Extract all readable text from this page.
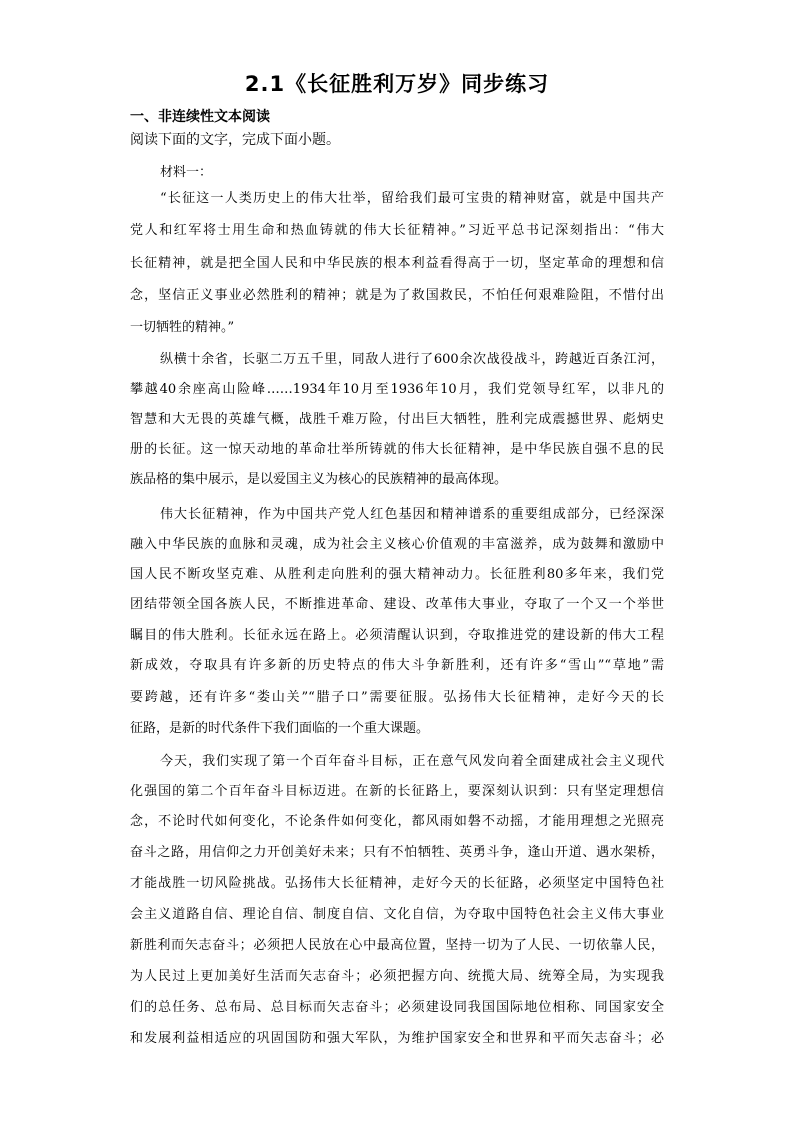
2.1《长征胜利万岁》同步练习
一、非连续性文本阅读
阅读下面的文字，完成下面小题。
材料一：
“长征这一人类历史上的伟大壮举，留给我们最可宝贵的精神财富，就是中国共产
党人和红军将士用生命和热血铸就的伟大长征精神。”习近平总书记深刻指出：“伟大
长征精神，就是把全国人民和中华民族的根本利益看得高于一切，坚定革命的理想和信
念，坚信正义事业必然胜利的精神；就是为了救国救民，不怕任何艰难险阻，不惜付出
一切牺牲的精神。”
纵横十余省，长驱二万五千里，同敌人进行了600余次战役战斗，跨越近百条江河，
攀越40余座高山险峰……1934年10月至1936年10月，我们党领导红军，以非凡的
智慧和大无畏的英雄气概，战胜千难万险，付出巨大牺牲，胜利完成震撼世界、彪炳史
册的长征。这一惊天动地的革命壮举所铸就的伟大长征精神，是中华民族自强不息的民
族品格的集中展示，是以爱国主义为核心的民族精神的最高体现。
伟大长征精神，作为中国共产党人红色基因和精神谱系的重要组成部分，已经深深
融入中华民族的血脉和灵魂，成为社会主义核心价值观的丰富滋养，成为鼓舞和激励中
国人民不断攻坚克难、从胜利走向胜利的强大精神动力。长征胜利80多年来，我们党
团结带领全国各族人民，不断推进革命、建设、改革伟大事业，夺取了一个又一个举世
瞩目的伟大胜利。长征永远在路上。必须清醒认识到，夺取推进党的建设新的伟大工程
新成效，夺取具有许多新的历史特点的伟大斗争新胜利，还有许多“雪山”“草地”需
要跨越，还有许多“娄山关”“腊子口”需要征服。弘扬伟大长征精神，走好今天的长
征路，是新的时代条件下我们面临的一个重大课题。
今天，我们实现了第一个百年奋斗目标，正在意气风发向着全面建成社会主义现代
化强国的第二个百年奋斗目标迈进。在新的长征路上，要深刻认识到：只有坚定理想信
念，不论时代如何变化，不论条件如何变化，都风雨如磐不动摇，才能用理想之光照亮
奋斗之路，用信仰之力开创美好未来；只有不怕牺牲、英勇斗争，逢山开道、遇水架桥，
才能战胜一切风险挑战。弘扬伟大长征精神，走好今天的长征路，必须坚定中国特色社
会主义道路自信、理论自信、制度自信、文化自信，为夺取中国特色社会主义伟大事业
新胜利而矢志奋斗；必须把人民放在心中最高位置，坚持一切为了人民、一切依靠人民，
为人民过上更加美好生活而矢志奋斗；必须把握方向、统揽大局、统筹全局，为实现我
们的总任务、总布局、总目标而矢志奋斗；必须建设同我国国际地位相称、同国家安全
和发展利益相适应的巩固国防和强大军队，为维护国家安全和世界和平而矢志奋斗；必
